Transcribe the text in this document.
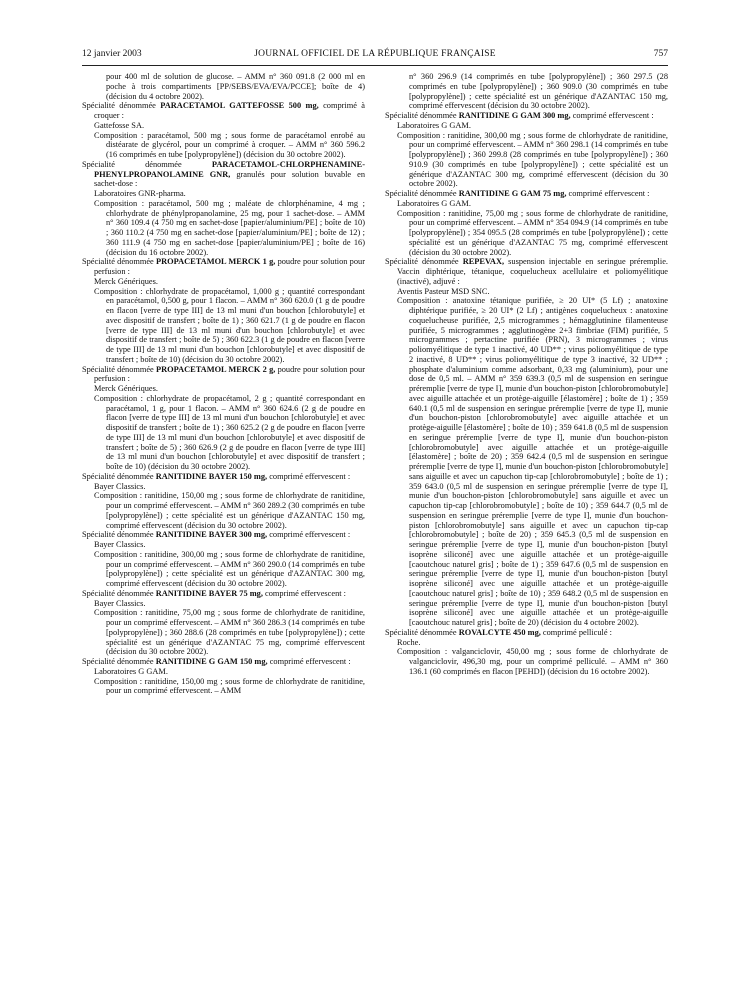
12 janvier 2003	JOURNAL OFFICIEL DE LA RÉPUBLIQUE FRANÇAISE	757

pour 400 ml de solution de glucose. – AMM n° 360 091.8 (2 000 ml en poche à trois compartiments [PP/SEBS/EVA/EVA/PCCE]; boîte de 4) (décision du 4 octobre 2002).

Spécialité dénommée PARACETAMOL GATTEFOSSE 500 mg, comprimé à croquer :

Gattefosse SA.

Composition : paracétamol, 500 mg ; sous forme de paracétamol enrobé au distéarate de glycérol, pour un comprimé à croquer. – AMM n° 360 596.2 (16 comprimés en tube [polypropylène]) (décision du 30 octobre 2002).

Spécialité dénommée PARACETAMOL-CHLORPHENAMINE-PHENYLPROPANOLAMINE GNR, granulés pour solution buvable en sachet-dose :

Laboratoires GNR-pharma.

Composition : paracétamol, 500 mg ; maléate de chlorphénamine, 4 mg ; chlorhydrate de phénylpropanolamine, 25 mg, pour 1 sachet-dose. – AMM n° 360 109.4 (4 750 mg en sachet-dose [papier/aluminium/PE] ; boîte de 10) ; 360 110.2 (4 750 mg en sachet-dose [papier/aluminium/PE] ; boîte de 12) ; 360 111.9 (4 750 mg en sachet-dose [papier/aluminium/PE] ; boîte de 16) (décision du 16 octobre 2002).

Spécialité dénommée PROPACETAMOL MERCK 1 g, poudre pour solution pour perfusion :

Merck Génériques.

Composition : chlorhydrate de propacétamol, 1,000 g ; quantité correspondant en paracétamol, 0,500 g, pour 1 flacon. – AMM n° 360 620.0 (1 g de poudre en flacon [verre de type III] de 13 ml muni d'un bouchon [chlorobutyle] et avec dispositif de transfert ; boîte de 1) ; 360 621.7 (1 g de poudre en flacon [verre de type III] de 13 ml muni d'un bouchon [chlorobutyle] et avec dispositif de transfert ; boîte de 5) ; 360 622.3 (1 g de poudre en flacon [verre de type III] de 13 ml muni d'un bouchon [chlorobutyle] et avec dispositif de transfert ; boîte de 10) (décision du 30 octobre 2002).

Spécialité dénommée PROPACETAMOL MERCK 2 g, poudre pour solution pour perfusion :

Merck Génériques.

Composition : chlorhydrate de propacétamol, 2 g ; quantité correspondant en paracétamol, 1 g, pour 1 flacon. – AMM n° 360 624.6 (2 g de poudre en flacon [verre de type III] de 13 ml muni d'un bouchon [chlorobutyle] et avec dispositif de transfert ; boîte de 1) ; 360 625.2 (2 g de poudre en flacon [verre de type III] de 13 ml muni d'un bouchon [chlorobutyle] et avec dispositif de transfert ; boîte de 5) ; 360 626.9 (2 g de poudre en flacon [verre de type III] de 13 ml muni d'un bouchon [chlorobutyle] et avec dispositif de transfert ; boîte de 10) (décision du 30 octobre 2002).

Spécialité dénommée RANITIDINE BAYER 150 mg, comprimé effervescent :

Bayer Classics.

Composition : ranitidine, 150,00 mg ; sous forme de chlorhydrate de ranitidine, pour un comprimé effervescent. – AMM n° 360 289.2 (30 comprimés en tube [polypropylène]) ; cette spécialité est un générique d'AZANTAC 150 mg, comprimé effervescent (décision du 30 octobre 2002).

Spécialité dénommée RANITIDINE BAYER 300 mg, comprimé effervescent :

Bayer Classics.

Composition : ranitidine, 300,00 mg ; sous forme de chlorhydrate de ranitidine, pour un comprimé effervescent. – AMM n° 360 290.0 (14 comprimés en tube [polypropylène]) ; cette spécialité est un générique d'AZANTAC 300 mg, comprimé effervescent (décision du 30 octobre 2002).

Spécialité dénommée RANITIDINE BAYER 75 mg, comprimé effervescent :

Bayer Classics.

Composition : ranitidine, 75,00 mg ; sous forme de chlorhydrate de ranitidine, pour un comprimé effervescent. – AMM n° 360 286.3 (14 comprimés en tube [polypropylène]) ; 360 288.6 (28 comprimés en tube [polypropylène]) ; cette spécialité est un générique d'AZANTAC 75 mg, comprimé effervescent (décision du 30 octobre 2002).

Spécialité dénommée RANITIDINE G GAM 150 mg, comprimé effervescent :

Laboratoires G GAM.

Composition : ranitidine, 150,00 mg ; sous forme de chlorhydrate de ranitidine, pour un comprimé effervescent. – AMM

n° 360 296.9 (14 comprimés en tube [polypropylène]) ; 360 297.5 (28 comprimés en tube [polypropylène]) ; 360 909.0 (30 comprimés en tube [polypropylène]) ; cette spécialité est un générique d'AZANTAC 150 mg, comprimé effervescent (décision du 30 octobre 2002).

Spécialité dénommée RANITIDINE G GAM 300 mg, comprimé effervescent :

Laboratoires G GAM.

Composition : ranitidine, 300,00 mg ; sous forme de chlorhydrate de ranitidine, pour un comprimé effervescent. – AMM n° 360 298.1 (14 comprimés en tube [polypropylène]) ; 360 299.8 (28 comprimés en tube [polypropylène]) ; 360 910.9 (30 comprimés en tube [polypropylène]) ; cette spécialité est un générique d'AZANTAC 300 mg, comprimé effervescent (décision du 30 octobre 2002).

Spécialité dénommée RANITIDINE G GAM 75 mg, comprimé effervescent :

Laboratoires G GAM.

Composition : ranitidine, 75,00 mg ; sous forme de chlorhydrate de ranitidine, pour un comprimé effervescent. – AMM n° 354 094.9 (14 comprimés en tube [polypropylène]) ; 354 095.5 (28 comprimés en tube [polypropylène]) ; cette spécialité est un générique d'AZANTAC 75 mg, comprimé effervescent (décision du 30 octobre 2002).

Spécialité dénommée REPEVAX, suspension injectable en seringue préremplie. Vaccin diphtérique, tétanique, coquelucheux acellulaire et poliomyélitique (inactivé), adjuvé :

Aventis Pasteur MSD SNC.

Composition : anatoxine tétanique purifiée, ≥ 20 UI* (5 Lf) ; anatoxine diphtérique purifiée, ≥ 20 UI* (2 Lf) ; antigènes coquelucheux : anatoxine coquelucheuse purifiée, 2,5 microgrammes ; hémagglutinine filamenteuse purifiée, 5 microgrammes ; agglutinogène 2+3 fimbriae (FIM) purifiée, 5 microgrammes ; pertactine purifiée (PRN), 3 microgrammes ; virus poliomyélitique de type 1 inactivé, 40 UD** ; virus poliomyélitique de type 2 inactivé, 8 UD** ; virus poliomyélitique de type 3 inactivé, 32 UD** ; phosphate d'aluminium comme adsorbant, 0,33 mg (aluminium), pour une dose de 0,5 ml. – AMM n° 359 639.3 (0,5 ml de suspension en seringue préremplie [verre de type I], munie d'un bouchon-piston [chlorobromobutyle] avec aiguille attachée et un protège-aiguille [élastomère] ; boîte de 1) ; 359 640.1 (0,5 ml de suspension en seringue préremplie [verre de type I], munie d'un bouchon-piston [chlorobromobutyle] avec aiguille attachée et un protège-aiguille [élastomère] ; boîte de 10) ; 359 641.8 (0,5 ml de suspension en seringue préremplie [verre de type I], munie d'un bouchon-piston [chlorobromobutyle] avec aiguille attachée et un protège-aiguille [élastomère] ; boîte de 20) ; 359 642.4 (0,5 ml de suspension en seringue préremplie [verre de type I], munie d'un bouchon-piston [chlorobromobutyle] sans aiguille et avec un capuchon tip-cap [chlorobromobutyle] ; boîte de 1) ; 359 643.0 (0,5 ml de suspension en seringue préremplie [verre de type I], munie d'un bouchon-piston [chlorobromobutyle] sans aiguille et avec un capuchon tip-cap [chlorobromobutyle] ; boîte de 10) ; 359 644.7 (0,5 ml de suspension en seringue préremplie [verre de type I], munie d'un bouchon-piston [chlorobromobutyle] sans aiguille et avec un capuchon tip-cap [chlorobromobutyle] ; boîte de 20) ; 359 645.3 (0,5 ml de suspension en seringue préremplie [verre de type I], munie d'un bouchon-piston [butyl isoprène siliconé] avec une aiguille attachée et un protège-aiguille [caoutchouc naturel gris] ; boîte de 1) ; 359 647.6 (0,5 ml de suspension en seringue préremplie [verre de type I], munie d'un bouchon-piston [butyl isoprène siliconé] avec une aiguille attachée et un protège-aiguille [caoutchouc naturel gris] ; boîte de 10) ; 359 648.2 (0,5 ml de suspension en seringue préremplie [verre de type I], munie d'un bouchon-piston [butyl isoprène siliconé] avec une aiguille attachée et un protège-aiguille [caoutchouc naturel gris] ; boîte de 20) (décision du 4 octobre 2002).

Spécialité dénommée ROVALCYTE 450 mg, comprimé pelliculé :

Roche.

Composition : valganciclovir, 450,00 mg ; sous forme de chlorhydrate de valganciclovir, 496,30 mg, pour un comprimé pelliculé. – AMM n° 360 136.1 (60 comprimés en flacon [PEHD]) (décision du 16 octobre 2002).
